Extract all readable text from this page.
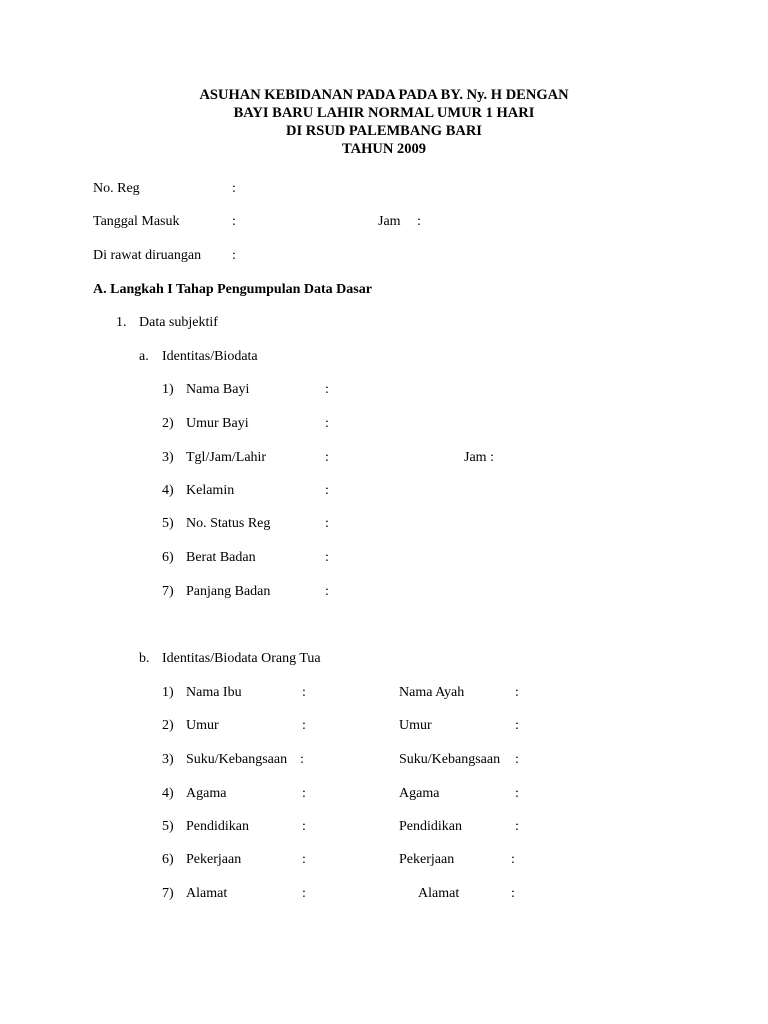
ASUHAN KEBIDANAN PADA PADA BY. Ny. H DENGAN
BAYI BARU LAHIR NORMAL UMUR 1 HARI
DI RSUD PALEMBANG BARI
TAHUN 2009
No. Reg	:
Tanggal Masuk	:	Jam :
Di rawat diruangan :
A. Langkah I Tahap Pengumpulan Data Dasar
1. Data subjektif
a. Identitas/Biodata
1) Nama Bayi	:
2) Umur Bayi	:
3) Tgl/Jam/Lahir	:	Jam :
4) Kelamin	:
5) No. Status Reg	:
6) Berat Badan	:
7) Panjang Badan	:
b. Identitas/Biodata Orang Tua
1) Nama Ibu	:	Nama Ayah	:
2) Umur	:	Umur	:
3) Suku/Kebangsaan :	Suku/Kebangsaan :
4) Agama	:	Agama	:
5) Pendidikan	:	Pendidikan	:
6) Pekerjaan	:	Pekerjaan	:
7) Alamat	:	Alamat	:
